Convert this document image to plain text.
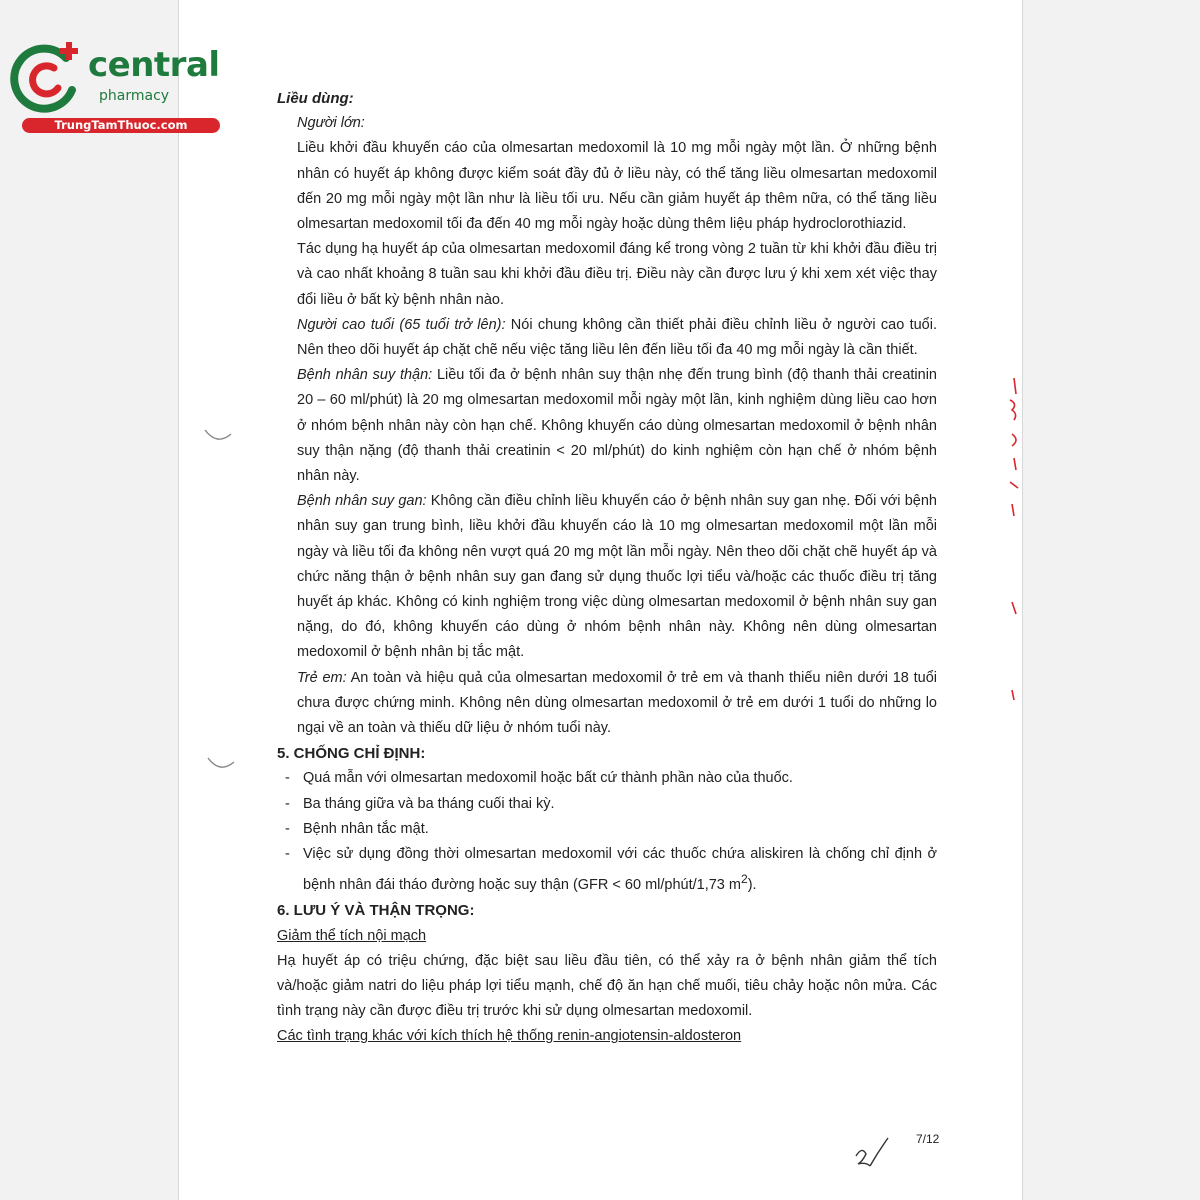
central
pharmacy
TrungTamThuoc.com

Liều dùng:

Người lớn:

Liều khởi đầu khuyến cáo của olmesartan medoxomil là 10 mg mỗi ngày một lần. Ở những bệnh nhân có huyết áp không được kiểm soát đầy đủ ở liều này, có thể tăng liều olmesartan medoxomil đến 20 mg mỗi ngày một lần như là liều tối ưu. Nếu cần giảm huyết áp thêm nữa, có thể tăng liều olmesartan medoxomil tối đa đến 40 mg mỗi ngày hoặc dùng thêm liệu pháp hydroclorothiazid.

Tác dụng hạ huyết áp của olmesartan medoxomil đáng kể trong vòng 2 tuần từ khi khởi đầu điều trị và cao nhất khoảng 8 tuần sau khi khởi đầu điều trị. Điều này cần được lưu ý khi xem xét việc thay đổi liều ở bất kỳ bệnh nhân nào.

Người cao tuổi (65 tuổi trở lên): Nói chung không cần thiết phải điều chỉnh liều ở người cao tuổi. Nên theo dõi huyết áp chặt chẽ nếu việc tăng liều lên đến liều tối đa 40 mg mỗi ngày là cần thiết.

Bệnh nhân suy thận: Liều tối đa ở bệnh nhân suy thận nhẹ đến trung bình (độ thanh thải creatinin 20 – 60 ml/phút) là 20 mg olmesartan medoxomil mỗi ngày một lần, kinh nghiệm dùng liều cao hơn ở nhóm bệnh nhân này còn hạn chế. Không khuyến cáo dùng olmesartan medoxomil ở bệnh nhân suy thận nặng (độ thanh thải creatinin < 20 ml/phút) do kinh nghiệm còn hạn chế ở nhóm bệnh nhân này.

Bệnh nhân suy gan: Không cần điều chỉnh liều khuyến cáo ở bệnh nhân suy gan nhẹ. Đối với bệnh nhân suy gan trung bình, liều khởi đầu khuyến cáo là 10 mg olmesartan medoxomil một lần mỗi ngày và liều tối đa không nên vượt quá 20 mg một lần mỗi ngày. Nên theo dõi chặt chẽ huyết áp và chức năng thận ở bệnh nhân suy gan đang sử dụng thuốc lợi tiểu và/hoặc các thuốc điều trị tăng huyết áp khác. Không có kinh nghiệm trong việc dùng olmesartan medoxomil ở bệnh nhân suy gan nặng, do đó, không khuyến cáo dùng ở nhóm bệnh nhân này. Không nên dùng olmesartan medoxomil ở bệnh nhân bị tắc mật.

Trẻ em: An toàn và hiệu quả của olmesartan medoxomil ở trẻ em và thanh thiếu niên dưới 18 tuổi chưa được chứng minh. Không nên dùng olmesartan medoxomil ở trẻ em dưới 1 tuổi do những lo ngại về an toàn và thiếu dữ liệu ở nhóm tuổi này.

5. CHỐNG CHỈ ĐỊNH:

- Quá mẫn với olmesartan medoxomil hoặc bất cứ thành phần nào của thuốc.
- Ba tháng giữa và ba tháng cuối thai kỳ.
- Bệnh nhân tắc mật.
- Việc sử dụng đồng thời olmesartan medoxomil với các thuốc chứa aliskiren là chống chỉ định ở bệnh nhân đái tháo đường hoặc suy thận (GFR < 60 ml/phút/1,73 $m^2$).

6. LƯU Ý VÀ THẬN TRỌNG:

Giảm thể tích nội mạch

Hạ huyết áp có triệu chứng, đặc biệt sau liều đầu tiên, có thể xảy ra ở bệnh nhân giảm thể tích và/hoặc giảm natri do liệu pháp lợi tiểu mạnh, chế độ ăn hạn chế muối, tiêu chảy hoặc nôn mửa. Các tình trạng này cần được điều trị trước khi sử dụng olmesartan medoxomil.

Các tình trạng khác với kích thích hệ thống renin-angiotensin-aldosteron

7/12
